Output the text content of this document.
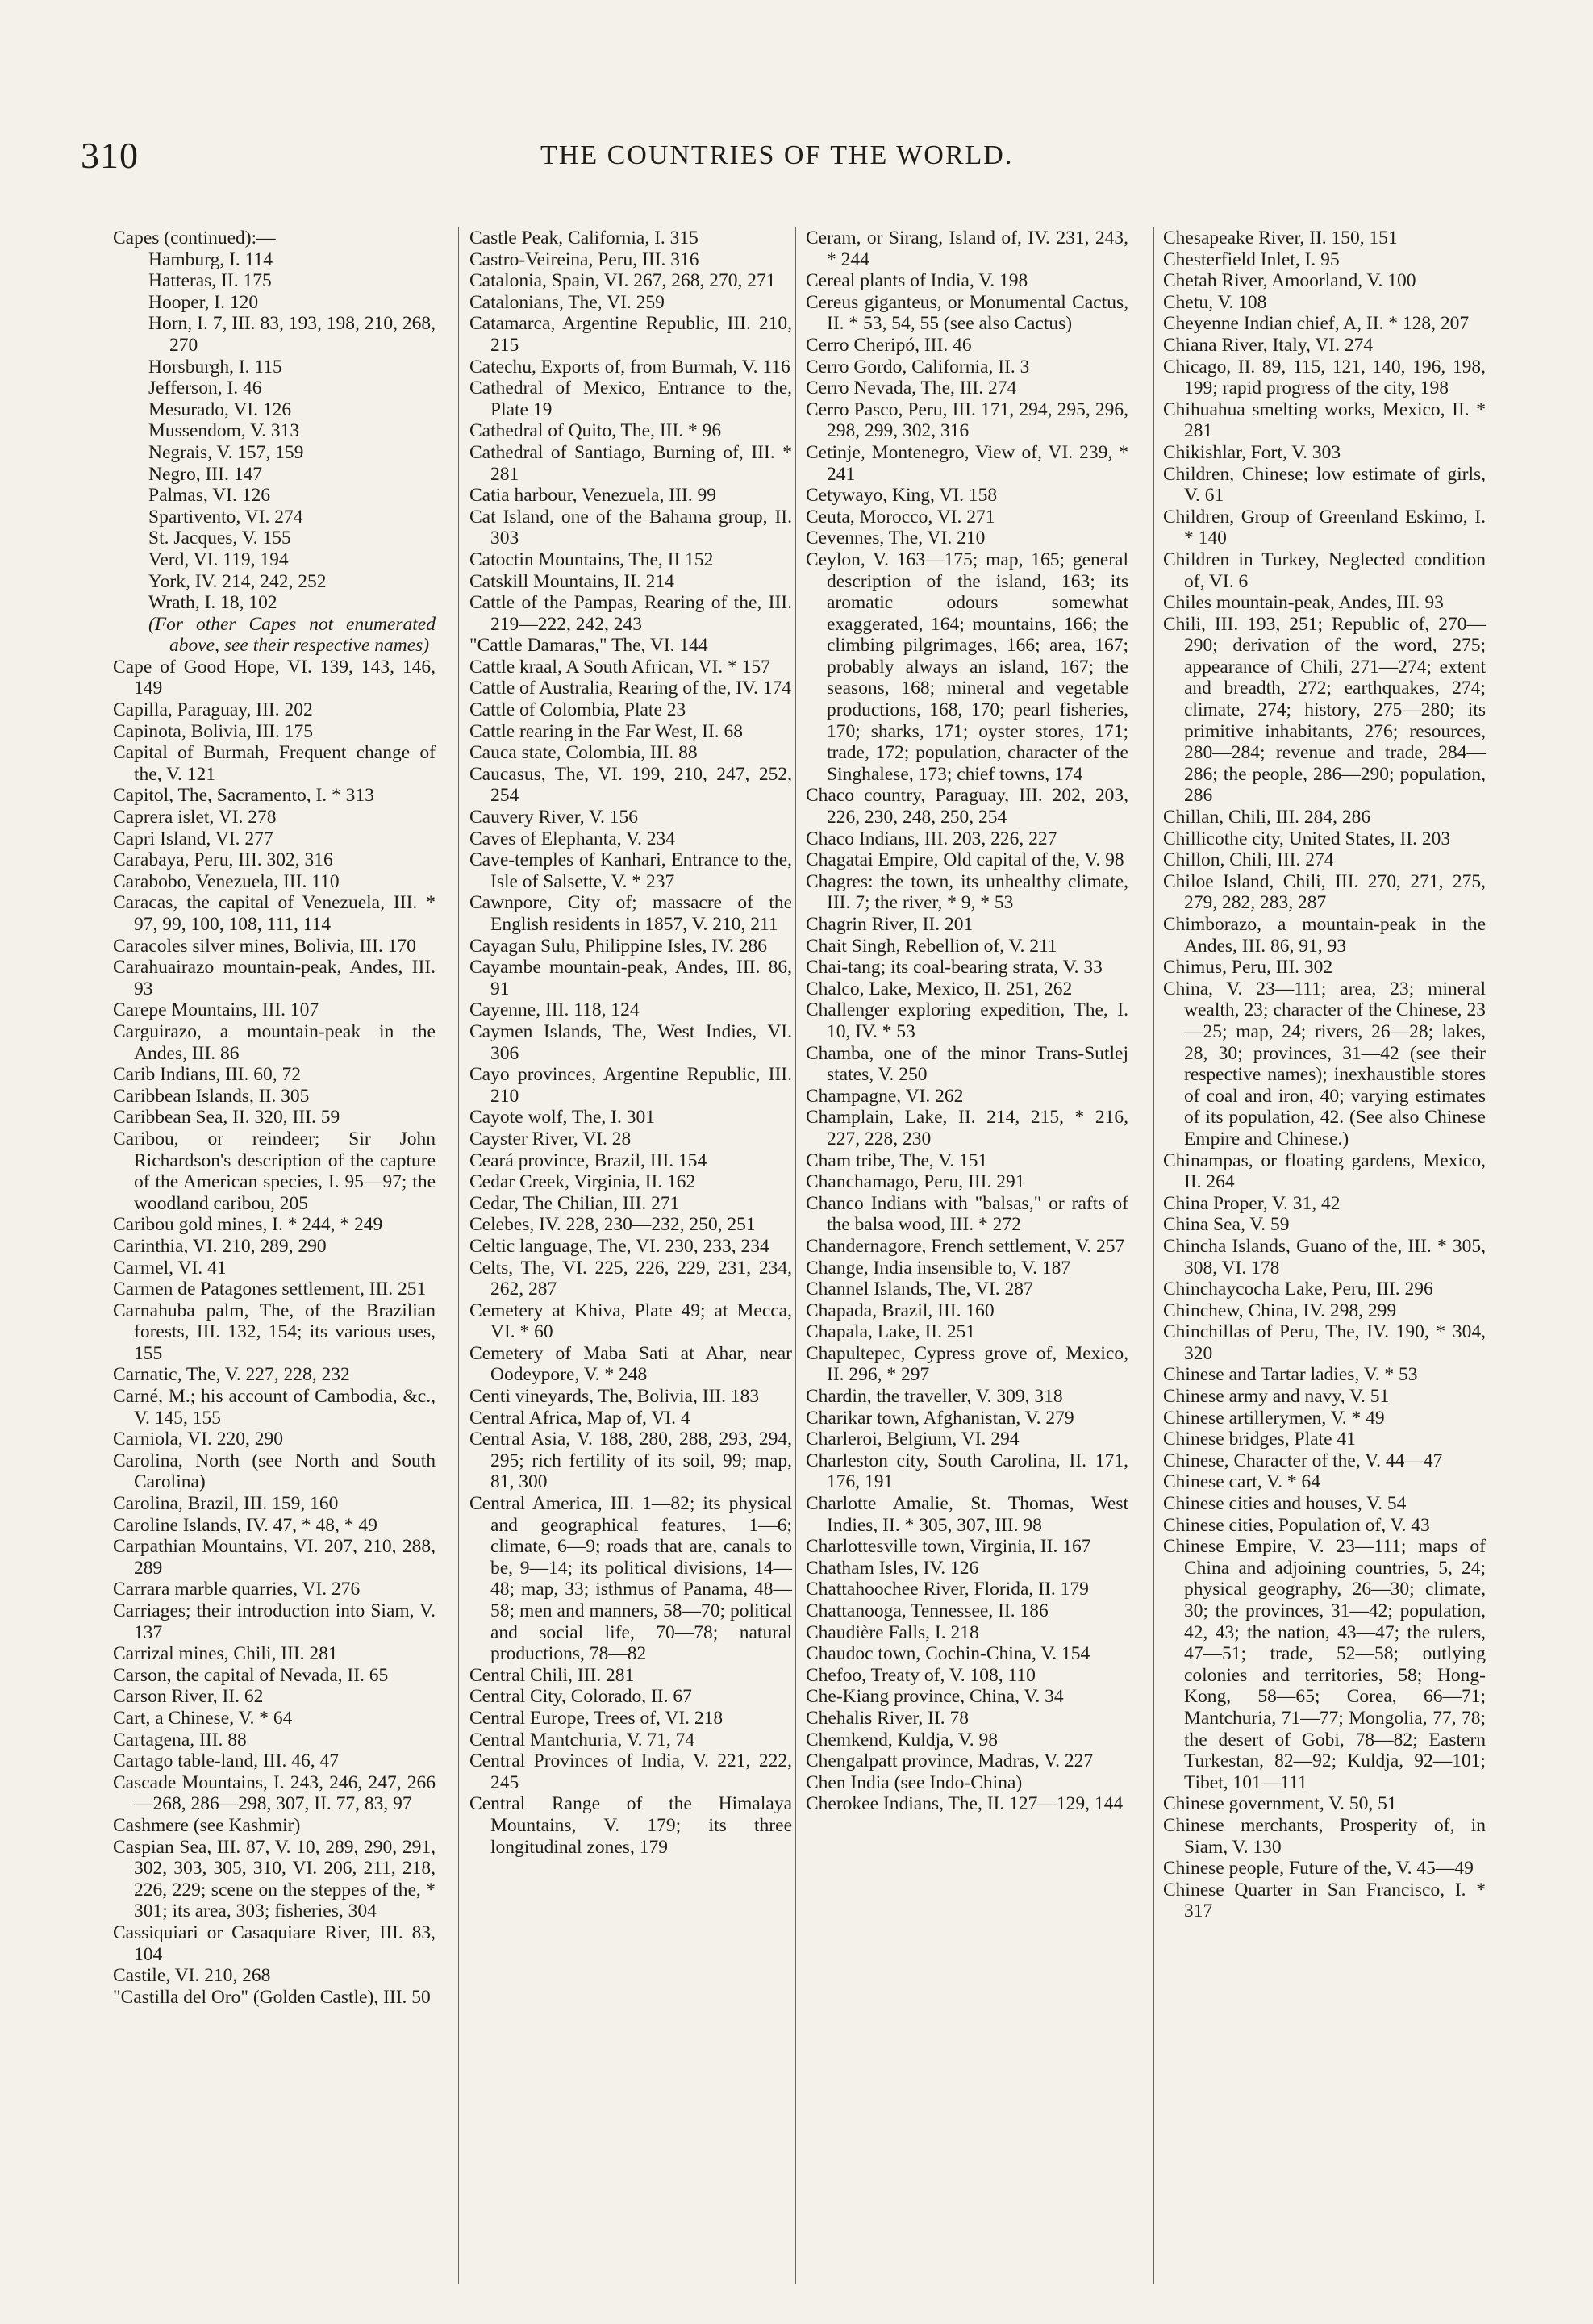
310	THE COUNTRIES OF THE WORLD.

Capes (continued):—

Hamburg, I. 114

Hatteras, II. 175

Hooper, I. 120

Horn, I. 7, III. 83, 193, 198, 210, 268, 270

Horsburgh, I. 115

Jefferson, I. 46

Mesurado, VI. 126

Mussendom, V. 313

Negrais, V. 157, 159

Negro, III. 147

Palmas, VI. 126

Spartivento, VI. 274

St. Jacques, V. 155

Verd, VI. 119, 194

York, IV. 214, 242, 252

Wrath, I. 18, 102

(For other Capes not enumerated above, see their respective names)

Cape of Good Hope, VI. 139, 143, 146, 149

Capilla, Paraguay, III. 202

Capinota, Bolivia, III. 175

Capital of Burmah, Frequent change of the, V. 121

Capitol, The, Sacramento, I. * 313

Caprera islet, VI. 278

Capri Island, VI. 277

Carabaya, Peru, III. 302, 316

Carabobo, Venezuela, III. 110

Caracas, the capital of Venezuela, III. * 97, 99, 100, 108, 111, 114

Caracoles silver mines, Bolivia, III. 170

Carahuairazo mountain-peak, Andes, III. 93

Carepe Mountains, III. 107

Carguirazo, a mountain-peak in the Andes, III. 86

Carib Indians, III. 60, 72

Caribbean Islands, II. 305

Caribbean Sea, II. 320, III. 59

Caribou, or reindeer; Sir John Richardson's description of the capture of the American species, I. 95—97; the woodland caribou, 205

Caribou gold mines, I. * 244, * 249

Carinthia, VI. 210, 289, 290

Carmel, VI. 41

Carmen de Patagones settlement, III. 251

Carnahuba palm, The, of the Brazilian forests, III. 132, 154; its various uses, 155

Carnatic, The, V. 227, 228, 232

Carné, M.; his account of Cambodia, &c., V. 145, 155

Carniola, VI. 220, 290

Carolina, North (see North and South Carolina)

Carolina, Brazil, III. 159, 160

Caroline Islands, IV. 47, * 48, * 49

Carpathian Mountains, VI. 207, 210, 288, 289

Carrara marble quarries, VI. 276

Carriages; their introduction into Siam, V. 137

Carrizal mines, Chili, III. 281

Carson, the capital of Nevada, II. 65

Carson River, II. 62

Cart, a Chinese, V. * 64

Cartagena, III. 88

Cartago table-land, III. 46, 47

Cascade Mountains, I. 243, 246, 247, 266—268, 286—298, 307, II. 77, 83, 97

Cashmere (see Kashmir)

Caspian Sea, III. 87, V. 10, 289, 290, 291, 302, 303, 305, 310, VI. 206, 211, 218, 226, 229; scene on the steppes of the, * 301; its area, 303; fisheries, 304

Cassiquiari or Casaquiare River, III. 83, 104

Castile, VI. 210, 268

"Castilla del Oro" (Golden Castle), III. 50

Castle Peak, California, I. 315

Castro-Veireina, Peru, III. 316

Catalonia, Spain, VI. 267, 268, 270, 271

Catalonians, The, VI. 259

Catamarca, Argentine Republic, III. 210, 215

Catechu, Exports of, from Burmah, V. 116

Cathedral of Mexico, Entrance to the, Plate 19

Cathedral of Quito, The, III. * 96

Cathedral of Santiago, Burning of, III. * 281

Catia harbour, Venezuela, III. 99

Cat Island, one of the Bahama group, II. 303

Catoctin Mountains, The, II 152

Catskill Mountains, II. 214

Cattle of the Pampas, Rearing of the, III. 219—222, 242, 243

"Cattle Damaras," The, VI. 144

Cattle kraal, A South African, VI. * 157

Cattle of Australia, Rearing of the, IV. 174

Cattle of Colombia, Plate 23

Cattle rearing in the Far West, II. 68

Cauca state, Colombia, III. 88

Caucasus, The, VI. 199, 210, 247, 252, 254

Cauvery River, V. 156

Caves of Elephanta, V. 234

Cave-temples of Kanhari, Entrance to the, Isle of Salsette, V. * 237

Cawnpore, City of; massacre of the English residents in 1857, V. 210, 211

Cayagan Sulu, Philippine Isles, IV. 286

Cayambe mountain-peak, Andes, III. 86, 91

Cayenne, III. 118, 124

Caymen Islands, The, West Indies, VI. 306

Cayo provinces, Argentine Republic, III. 210

Cayote wolf, The, I. 301

Cayster River, VI. 28

Ceará province, Brazil, III. 154

Cedar Creek, Virginia, II. 162

Cedar, The Chilian, III. 271

Celebes, IV. 228, 230—232, 250, 251

Celtic language, The, VI. 230, 233, 234

Celts, The, VI. 225, 226, 229, 231, 234, 262, 287

Cemetery at Khiva, Plate 49; at Mecca, VI. * 60

Cemetery of Maba Sati at Ahar, near Oodeypore, V. * 248

Centi vineyards, The, Bolivia, III. 183

Central Africa, Map of, VI. 4

Central Asia, V. 188, 280, 288, 293, 294, 295; rich fertility of its soil, 99; map, 81, 300

Central America, III. 1—82; its physical and geographical features, 1—6; climate, 6—9; roads that are, canals to be, 9—14; its political divisions, 14—48; map, 33; isthmus of Panama, 48—58; men and manners, 58—70; political and social life, 70—78; natural productions, 78—82

Central Chili, III. 281

Central City, Colorado, II. 67

Central Europe, Trees of, VI. 218

Central Mantchuria, V. 71, 74

Central Provinces of India, V. 221, 222, 245

Central Range of the Himalaya Mountains, V. 179; its three longitudinal zones, 179

Ceram, or Sirang, Island of, IV. 231, 243, * 244

Cereal plants of India, V. 198

Cereus giganteus, or Monumental Cactus, II. * 53, 54, 55 (see also Cactus)

Cerro Cheripó, III. 46

Cerro Gordo, California, II. 3

Cerro Nevada, The, III. 274

Cerro Pasco, Peru, III. 171, 294, 295, 296, 298, 299, 302, 316

Cetinje, Montenegro, View of, VI. 239, * 241

Cetywayo, King, VI. 158

Ceuta, Morocco, VI. 271

Cevennes, The, VI. 210

Ceylon, V. 163—175; map, 165; general description of the island, 163; its aromatic odours somewhat exaggerated, 164; mountains, 166; the climbing pilgrimages, 166; area, 167; probably always an island, 167; the seasons, 168; mineral and vegetable productions, 168, 170; pearl fisheries, 170; sharks, 171; oyster stores, 171; trade, 172; population, character of the Singhalese, 173; chief towns, 174

Chaco country, Paraguay, III. 202, 203, 226, 230, 248, 250, 254

Chaco Indians, III. 203, 226, 227

Chagatai Empire, Old capital of the, V. 98

Chagres: the town, its unhealthy climate, III. 7; the river, * 9, * 53

Chagrin River, II. 201

Chait Singh, Rebellion of, V. 211

Chai-tang; its coal-bearing strata, V. 33

Chalco, Lake, Mexico, II. 251, 262

Challenger exploring expedition, The, I. 10, IV. * 53

Chamba, one of the minor Trans-Sutlej states, V. 250

Champagne, VI. 262

Champlain, Lake, II. 214, 215, * 216, 227, 228, 230

Cham tribe, The, V. 151

Chanchamago, Peru, III. 291

Chanco Indians with "balsas," or rafts of the balsa wood, III. * 272

Chandernagore, French settlement, V. 257

Change, India insensible to, V. 187

Channel Islands, The, VI. 287

Chapada, Brazil, III. 160

Chapala, Lake, II. 251

Chapultepec, Cypress grove of, Mexico, II. 296, * 297

Chardin, the traveller, V. 309, 318

Charikar town, Afghanistan, V. 279

Charleroi, Belgium, VI. 294

Charleston city, South Carolina, II. 171, 176, 191

Charlotte Amalie, St. Thomas, West Indies, II. * 305, 307, III. 98

Charlottesville town, Virginia, II. 167

Chatham Isles, IV. 126

Chattahoochee River, Florida, II. 179

Chattanooga, Tennessee, II. 186

Chaudière Falls, I. 218

Chaudoc town, Cochin-China, V. 154

Chefoo, Treaty of, V. 108, 110

Che-Kiang province, China, V. 34

Chehalis River, II. 78

Chemkend, Kuldja, V. 98

Chengalpatt province, Madras, V. 227

Chen India (see Indo-China)

Cherokee Indians, The, II. 127—129, 144

Chesapeake River, II. 150, 151

Chesterfield Inlet, I. 95

Chetah River, Amoorland, V. 100

Chetu, V. 108

Cheyenne Indian chief, A, II. * 128, 207

Chiana River, Italy, VI. 274

Chicago, II. 89, 115, 121, 140, 196, 198, 199; rapid progress of the city, 198

Chihuahua smelting works, Mexico, II. * 281

Chikishlar, Fort, V. 303

Children, Chinese; low estimate of girls, V. 61

Children, Group of Greenland Eskimo, I. * 140

Children in Turkey, Neglected condition of, VI. 6

Chiles mountain-peak, Andes, III. 93

Chili, III. 193, 251; Republic of, 270—290; derivation of the word, 275; appearance of Chili, 271—274; extent and breadth, 272; earthquakes, 274; climate, 274; history, 275—280; its primitive inhabitants, 276; resources, 280—284; revenue and trade, 284—286; the people, 286—290; population, 286

Chillan, Chili, III. 284, 286

Chillicothe city, United States, II. 203

Chillon, Chili, III. 274

Chiloe Island, Chili, III. 270, 271, 275, 279, 282, 283, 287

Chimborazo, a mountain-peak in the Andes, III. 86, 91, 93

Chimus, Peru, III. 302

China, V. 23—111; area, 23; mineral wealth, 23; character of the Chinese, 23—25; map, 24; rivers, 26—28; lakes, 28, 30; provinces, 31—42 (see their respective names); inexhaustible stores of coal and iron, 40; varying estimates of its population, 42. (See also Chinese Empire and Chinese.)

Chinampas, or floating gardens, Mexico, II. 264

China Proper, V. 31, 42

China Sea, V. 59

Chincha Islands, Guano of the, III. * 305, 308, VI. 178

Chinchaycocha Lake, Peru, III. 296

Chinchew, China, IV. 298, 299

Chinchillas of Peru, The, IV. 190, * 304, 320

Chinese and Tartar ladies, V. * 53

Chinese army and navy, V. 51

Chinese artillerymen, V. * 49

Chinese bridges, Plate 41

Chinese, Character of the, V. 44—47

Chinese cart, V. * 64

Chinese cities and houses, V. 54

Chinese cities, Population of, V. 43

Chinese Empire, V. 23—111; maps of China and adjoining countries, 5, 24; physical geography, 26—30; climate, 30; the provinces, 31—42; population, 42, 43; the nation, 43—47; the rulers, 47—51; trade, 52—58; outlying colonies and territories, 58; Hong-Kong, 58—65; Corea, 66—71; Mantchuria, 71—77; Mongolia, 77, 78; the desert of Gobi, 78—82; Eastern Turkestan, 82—92; Kuldja, 92—101; Tibet, 101—111

Chinese government, V. 50, 51

Chinese merchants, Prosperity of, in Siam, V. 130

Chinese people, Future of the, V. 45—49

Chinese Quarter in San Francisco, I. * 317
